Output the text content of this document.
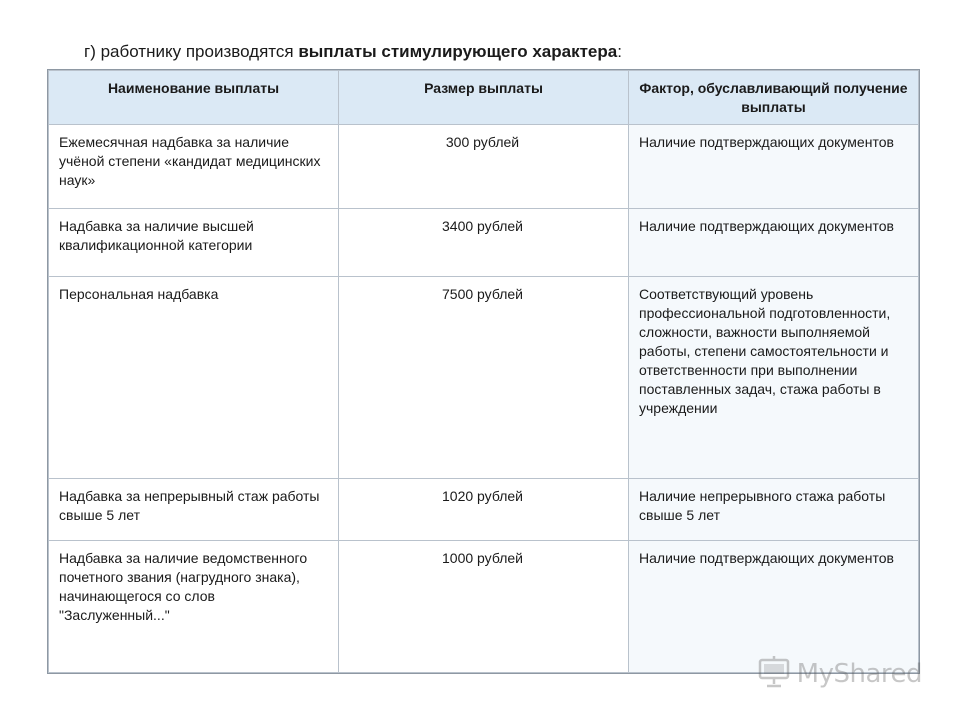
г) работнику производятся выплаты стимулирующего характера:
Наименование выплаты	Размер выплаты	Фактор, обуславливающий получение выплаты
Ежемесячная надбавка за наличие учёной степени «кандидат медицинских наук»	300 рублей	Наличие подтверждающих документов
Надбавка за наличие высшей квалификационной категории	3400 рублей	Наличие подтверждающих документов
Персональная надбавка	7500 рублей	Соответствующий уровень профессиональной подготовленности, сложности, важности выполняемой работы, степени самостоятельности и ответственности при выполнении поставленных задач, стажа работы в учреждении
Надбавка за непрерывный стаж работы свыше 5 лет	1020 рублей	Наличие непрерывного стажа работы свыше 5 лет
Надбавка за наличие ведомственного почетного звания (нагрудного знака), начинающегося со слов "Заслуженный..."	1000 рублей	Наличие подтверждающих документов
MyShared
